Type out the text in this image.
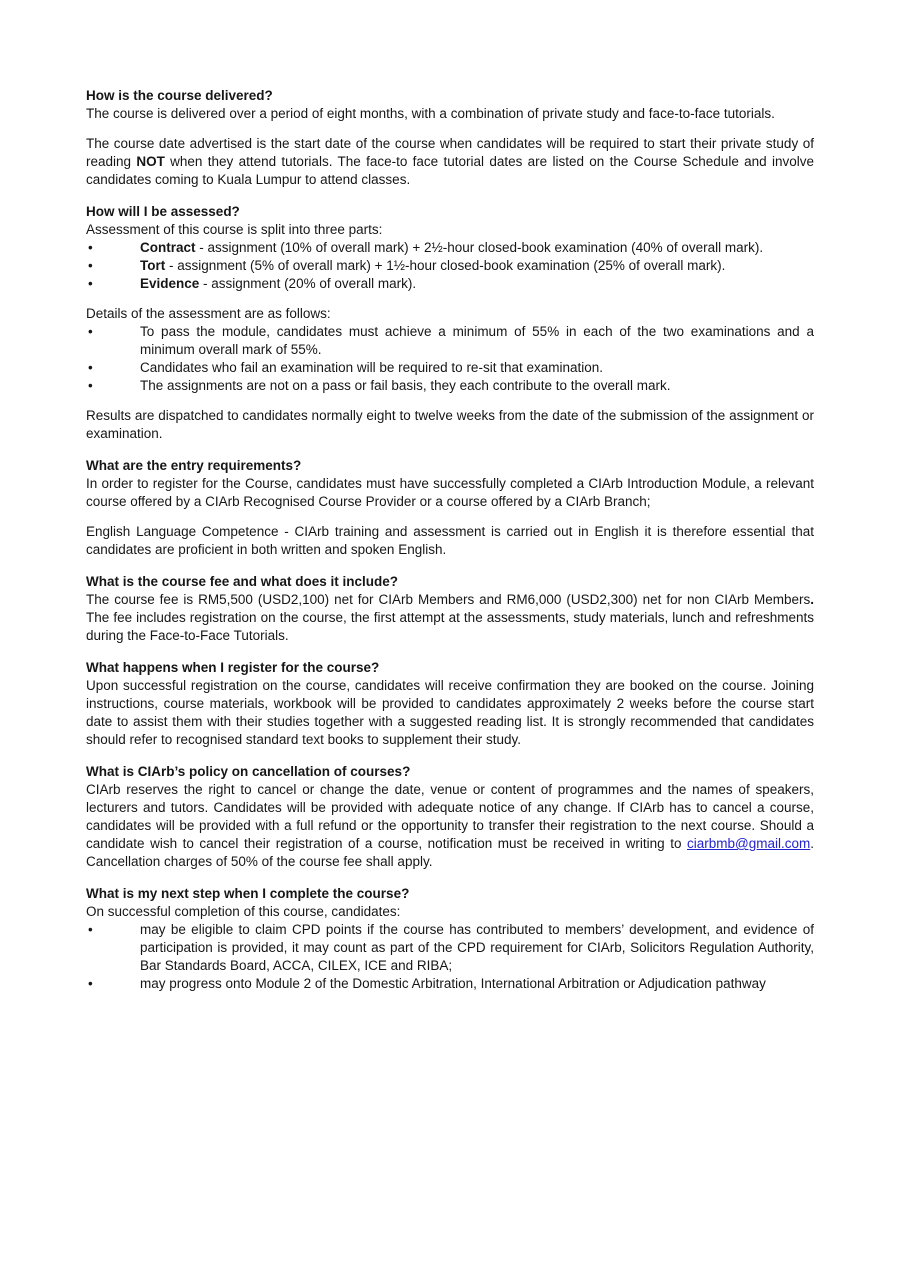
How is the course delivered?

The course is delivered over a period of eight months, with a combination of private study and face-to-face tutorials.

The course date advertised is the start date of the course when candidates will be required to start their private study of reading NOT when they attend tutorials. The face-to face tutorial dates are listed on the Course Schedule and involve candidates coming to Kuala Lumpur to attend classes.

How will I be assessed?

Assessment of this course is split into three parts:

•	Contract - assignment (10% of overall mark) + 2½-hour closed-book examination (40% of overall mark).
•	Tort - assignment (5% of overall mark) + 1½-hour closed-book examination (25% of overall mark).
•	Evidence - assignment (20% of overall mark).

Details of the assessment are as follows:

•	To pass the module, candidates must achieve a minimum of 55% in each of the two examinations and a minimum overall mark of 55%.
•	Candidates who fail an examination will be required to re-sit that examination.
•	The assignments are not on a pass or fail basis, they each contribute to the overall mark.

Results are dispatched to candidates normally eight to twelve weeks from the date of the submission of the assignment or examination.

What are the entry requirements?

In order to register for the Course, candidates must have successfully completed a CIArb Introduction Module, a relevant course offered by a CIArb Recognised Course Provider or a course offered by a CIArb Branch;

English Language Competence - CIArb training and assessment is carried out in English it is therefore essential that candidates are proficient in both written and spoken English.

What is the course fee and what does it include?

The course fee is RM5,500 (USD2,100) net for CIArb Members and RM6,000 (USD2,300) net for non CIArb Members. The fee includes registration on the course, the first attempt at the assessments, study materials, lunch and refreshments during the Face-to-Face Tutorials.

What happens when I register for the course?

Upon successful registration on the course, candidates will receive confirmation they are booked on the course. Joining instructions, course materials, workbook will be provided to candidates approximately 2 weeks before the course start date to assist them with their studies together with a suggested reading list. It is strongly recommended that candidates should refer to recognised standard text books to supplement their study.

What is CIArb’s policy on cancellation of courses?

CIArb reserves the right to cancel or change the date, venue or content of programmes and the names of speakers, lecturers and tutors. Candidates will be provided with adequate notice of any change. If CIArb has to cancel a course, candidates will be provided with a full refund or the opportunity to transfer their registration to the next course. Should a candidate wish to cancel their registration of a course, notification must be received in writing to ciarbmb@gmail.com. Cancellation charges of 50% of the course fee shall apply.

What is my next step when I complete the course?

On successful completion of this course, candidates:

•	may be eligible to claim CPD points if the course has contributed to members’ development, and evidence of participation is provided, it may count as part of the CPD requirement for CIArb, Solicitors Regulation Authority, Bar Standards Board, ACCA, CILEX, ICE and RIBA;
•	may progress onto Module 2 of the Domestic Arbitration, International Arbitration or Adjudication pathway
